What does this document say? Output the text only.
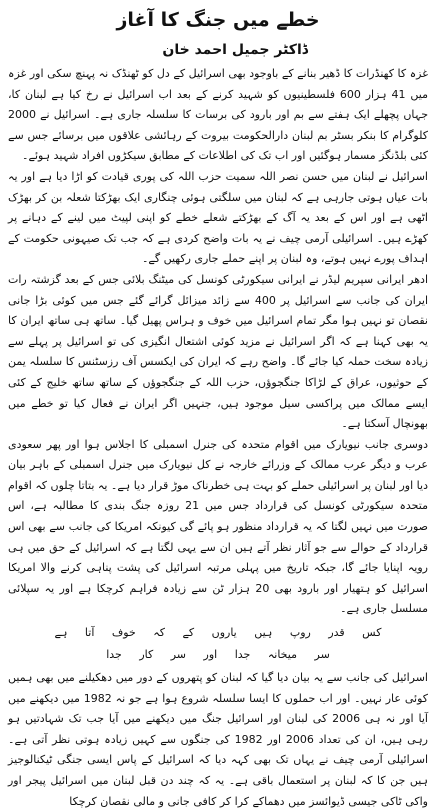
خطے میں جنگ کا آغاز
ڈاکٹر جمیل احمد خان

غزہ کا کھنڈرات کا ڈھیر بنانے کے باوجود بھی اسرائیل کے دل کو ٹھنڈک نہ پہنچ سکی اور غزہ میں 41 ہزار 600 فلسطینیوں کو شہید کرنے کے بعد اب اسرائیل نے رخ کیا ہے لبنان کا، جہاں پچھلے ایک ہفتے سے بم اور بارود کی برسات کا سلسلہ جاری ہے۔ اسرائیل نے 2000 کلوگرام کا بنکر بسٹر بم لبنان دارالحکومت بیروت کے رہائشی علاقوں میں برسائے جس سے کئی بلڈنگز مسمار ہوگئیں اور اب تک کی اطلاعات کے مطابق سیکڑوں افراد شہید ہوئے۔

اسرائیل نے لبنان میں حسن نصر اللہ سمیت حزب اللہ کی پوری قیادت کو اڑا دیا ہے اور یہ بات عیاں ہوتی جارہی ہے کہ لبنان میں سلگتی ہوئی چنگاری ایک بھڑکتا شعلہ بن کر بھڑک اٹھی ہے اور اس کے بعد یہ آگ کے بھڑکتے شعلے خطے کو اپنی لپیٹ میں لینے کے دہانے پر کھڑے ہیں۔ اسرائیلی آرمی چیف نے یہ بات واضح کردی ہے کہ جب تک صیہونی حکومت کے اہداف پورے نہیں ہوتے، وہ لبنان پر اپنے حملے جاری رکھیں گے۔

ادھر ایرانی سپریم لیڈر نے ایرانی سیکورٹی کونسل کی میٹنگ بلائی جس کے بعد گزشتہ رات ایران کی جانب سے اسرائیل پر 400 سے زائد میزائل گرائے گئے جس میں کوئی بڑا جانی نقصان تو نہیں ہوا مگر تمام اسرائیل میں خوف و ہراس پھیل گیا۔ ساتھ ہی ساتھ ایران کا یہ بھی کہنا ہے کہ اگر اسرائیل نے مزید کوئی اشتعال انگیزی کی تو اسرائیل پر پہلے سے زیادہ سخت حملہ کیا جائے گا۔ واضح رہے کہ ایران کی ایکسس آف رزسٹنس کا سلسلہ یمن کے حوثیوں، عراق کے لڑاکا جنگجوؤں، حزب اللہ کے جنگجوؤں کے ساتھ ساتھ خلیج کے کئی ایسے ممالک میں پراکسی سیل موجود ہیں، جنہیں اگر ایران نے فعال کیا تو خطے میں بھونچال آسکتا ہے۔

دوسری جانب نیویارک میں اقوام متحدہ کی جنرل اسمبلی کا اجلاس ہوا اور پھر سعودی عرب و دیگر عرب ممالک کے وزرائے خارجہ نے کل نیویارک میں جنرل اسمبلی کے باہر بیان دیا اور لبنان پر اسرائیلی حملے کو بہت ہی خطرناک موڑ قرار دیا ہے۔ یہ بتاتا چلوں کہ اقوام متحدہ سیکورٹی کونسل کی قرارداد جس میں 21 روزہ جنگ بندی کا مطالبہ ہے، اس صورت میں نہیں لگتا کہ یہ قرارداد منظور ہو پائے گی کیونکہ امریکا کی جانب سے بھی اس قرارداد کے حوالے سے جو آثار نظر آتے ہیں ان سے یہی لگتا ہے کہ اسرائیل کے حق میں ہی رویہ اپنایا جائے گا، جبکہ تاریخ میں پہلی مرتبہ اسرائیل کی پشت پناہی کرنے والا امریکا اسرائیل کو ہتھیار اور بارود بھی 20 ہزار ٹن سے زیادہ فراہم کرچکا ہے اور یہ سپلائی مسلسل جاری ہے۔

کس قدر روپ ہیں یاروں کے کہ خوف آتا ہے
سر میخانہ جدا اور سر کار جدا

اسرائیل کی جانب سے یہ بیان دیا گیا کہ لبنان کو پتھروں کے دور میں دھکیلنے میں بھی ہمیں کوئی عار نہیں۔ اور اب حملوں کا ایسا سلسلہ شروع ہوا ہے جو نہ 1982 میں دیکھنے میں آیا اور نہ ہی 2006 کی لبنان اور اسرائیل جنگ میں دیکھنے میں آیا جب تک شہادتیں ہو رہی ہیں، ان کی تعداد 2006 اور 1982 کی جنگوں سے کہیں زیادہ ہوتی نظر آتی ہے۔ اسرائیلی آرمی چیف نے یہاں تک بھی کہہ دیا کہ اسرائیل کے پاس ایسی جنگی ٹیکنالوجیز ہیں جن کا کہ لبنان پر استعمال باقی ہے۔ یہ کہ چند دن قبل لبنان میں اسرائیل پیجر اور واکی ٹاکی جیسی ڈیوائسز میں دھماکے کرا کر کافی جانی و مالی نقصان کرچکا
